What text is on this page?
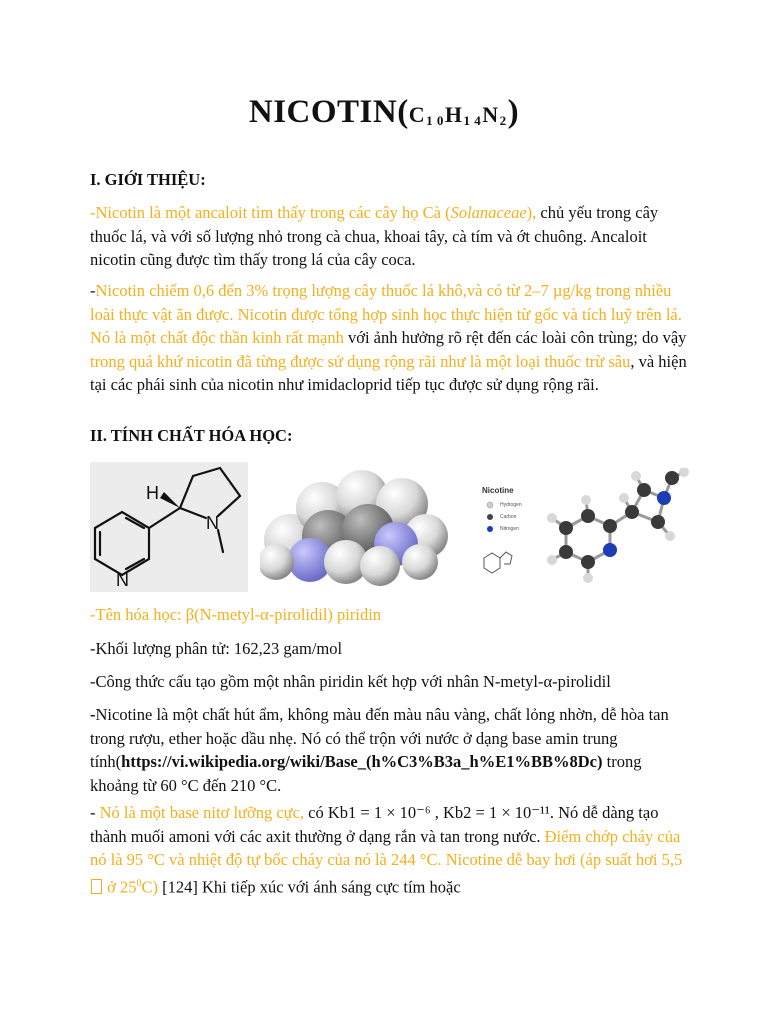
$NICOTIN(C_{1 0}H_{1 4}N_2)$
I. GIỚI THIỆU:
-Nicotin là một ancaloit tìm thấy trong các cây họ Cà (Solanaceae), chủ yếu trong cây thuốc lá, và với số lượng nhỏ trong cà chua, khoai tây, cà tím và ớt chuông. Ancaloit nicotin cũng được tìm thấy trong lá của cây coca.
-Nicotin chiếm 0,6 đến 3% trọng lượng cây thuốc lá khô,và có từ 2–7 µg/kg trong nhiều loài thực vật ăn được. Nicotin được tổng hợp sinh học thực hiện từ gốc và tích luỹ trên lá. Nó là một chất độc thần kinh rất mạnh với ảnh hưởng rõ rệt đến các loài côn trùng; do vậy trong quá khứ nicotin đã từng được sử dụng rộng rãi như là một loại thuốc trừ sâu, và hiện tại các phái sinh của nicotin như imidacloprid tiếp tục được sử dụng rộng rãi.
II. TÍNH CHẤT HÓA HỌC:
H
N
N
Nicotine
Hydrogen
Carbon
Nitrogen
-Tên hóa học: β(N-metyl-α-pirolidil) piridin
-Khối lượng phân tử: 162,23 gam/mol
-Công thức cấu tạo gồm một nhân piridin kết hợp với nhân N-metyl-α-pirolidil
-Nicotine là một chất hút ẩm, không màu đến màu nâu vàng, chất lỏng nhờn, dễ hòa tan trong rượu, ether hoặc dầu nhẹ. Nó có thể trộn với nước ở dạng base amin trung tính(https://vi.wikipedia.org/wiki/Base_(h%C3%B3a_h%E1%BB%8Dc) trong khoảng từ 60 °C đến 210 °C.
- Nó là một base nitơ lưỡng cực, có Kb1 = 1 × 10⁻⁶ , Kb2 = 1 × 10⁻¹¹. Nó dễ dàng tạo thành muối amoni với các axit thường ở dạng rắn và tan trong nước. Điểm chớp cháy của nó là 95 °C và nhiệt độ tự bốc cháy của nó là 244 °C. Nicotine dễ bay hơi (áp suất hơi 5,5  ở $25^0C$) [124] Khi tiếp xúc với ánh sáng cực tím hoặc
